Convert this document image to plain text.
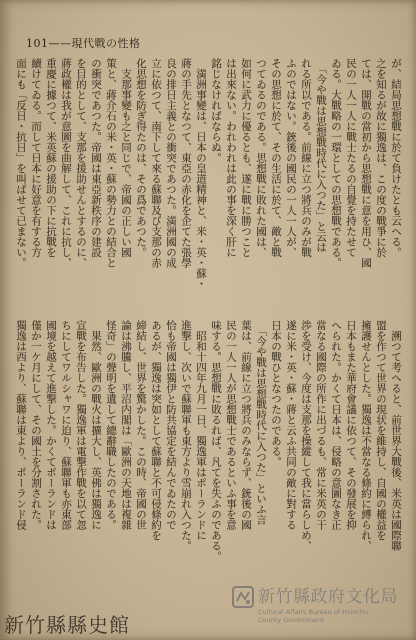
101——現代戰の性格
が、結局思想戰に於て負けたとも云へる。
之を知るが故に獨逸は、この度の戰爭に於
ては、開戰の當初から思想戰に意を用ひ、國
民の一人一人に戰士たるの自覺を持たせて
ゐる。大戰略の一環としての思想戰である。
　「今や戰は思想戰時代に入つた」と云は
れる所以である。前線に立つ將兵のみが戰
ふのではない。銃後の國民の一人一人が、
その思想に於て、その生活に於て、敵と戰
つてゐるのである。思想戰に敗れた國は、
如何に武力に優るとも、遂に戰に勝つこと
は出來ない。われわれは此の事を深く肝に
銘じなければならぬ。
　満洲事變は、日本の皇道精神と、米・英・蘇・
蔣の手先となつて、東亞の赤化を企てた張學
良の排日主義との衝突であつた。満洲國の成
立に依つて、南下して來る蘇聯及び支那の赤
化思想を防ぎ得たのは、その爲であつた。
　支那事變も之と同じで、帝國の正しい國
策と、蔣介石の米・英・蘇の勢力との結合と
の衝突であつた。帝國は東亞新秩序の建設
を目的として、支那を援助せんとするのに、
蔣政權は我が意圖を曲解して、これに抗し、
重慶に據つて、米英蘇の援助の下に抗戰を
續けてゐる。而して日本に好意を有する方
面にも「反日・抗日」を叫ばせて已まない。
　溯つて考へると、前世界大戰後、米英は國際聯
盟を作つて世界の現状を維持し、自國の權益を
擁護せんとした。獨逸は不當なる條約に縛られ、
日本もまた華府會議に依つて、その發展を抑
へられた。かくて日本は、侵略の意圖なき正
當なる國際の所作に出づるも、常に米英の干
渉を受け、今度は支那を操縱して我に當らしめ、
遂に米・英・蘇・蔣と云ふ共同の敵に對する
日本の戰ひとなつたのである。
　「今や戰は思想戰時代に入つた」といふ言
葉は、前線に立つ將兵のみならず、銃後の國
民の一人一人が思想戰士であるといふ事を意
味する。思想戰に敗るれば、凡てを失ふのである。
　昭和十四年九月一日、獨逸軍はポーランドに
進撃し、次いで蘇聯軍も東方より雪崩れ入つた。
恰も帝國は獨伊と防共協定を結んでゐたので
あるが、獨逸は突如として蘇聯と不可侵條約を
締結し、世界を驚かした。この時、帝國の世
論は沸騰し、平沼内閣は「歐洲の天地は複雜
怪奇」の聲明を遺して總辭職したのである。
　果然、歐洲の戰火は擴大し、英佛は獨逸に
宣戰を布告した。獨逸軍は電撃作戰を以て忽
ちにしてワルシャワに迫り、蘇聯軍も亦東部
國境を越えて進撃した。かくてポーランドは
僅か一ケ月にして、その國土を分割された。
獨逸は西より、蘇聯は東より、ポーランド侵
新竹縣政府文化局
Cultural Affairs Bureau of Hsinchu
County Government
新竹縣縣史館
